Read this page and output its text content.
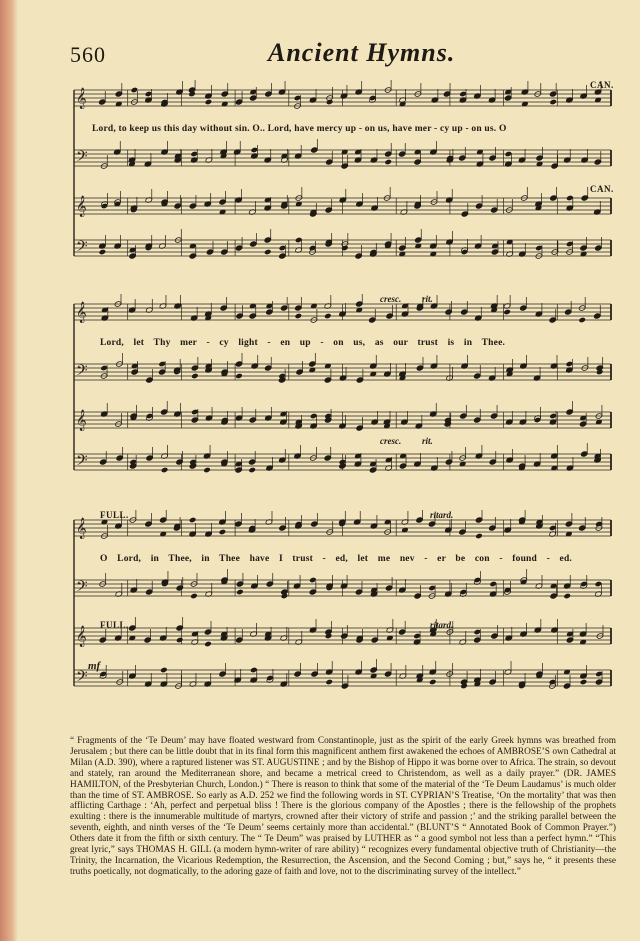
560	Ancient Hymns.
𝄞
𝄢
𝄞
𝄢
CAN.
CAN.
Lord, to keep us this day without sin. O.. Lord, have mercy up - on us, have mer - cy up - on us. O
𝄞
𝄢
𝄞
𝄢
cresc. rit.
cresc. rit.
Lord, let Thy mer - cy light - en up - on us, as our trust is in Thee.
𝄞
𝄢
𝄞
𝄢
FULL.	ritard.
FULL.	ritard.
mf
O Lord, in Thee, in Thee have I trust - ed, let me nev - er be con - found - ed.
“ Fragments of the ‘Te Deum’ may have floated westward from Constantinople, just as the spirit of the early Greek hymns was breathed from Jerusalem ; but there can be little doubt that in its final form this magnificent anthem first awakened the echoes of AMBROSE’S own Cathedral at Milan (A.D. 390), where a raptured listener was ST. AUGUSTINE ; and by the Bishop of Hippo it was borne over to Africa. The strain, so devout and stately, ran around the Mediterranean shore, and became a metrical creed to Christendom, as well as a daily prayer.” (DR. JAMES HAMILTON, of the Presbyterian Church, London.) “ There is reason to think that some of the material of the ‘Te Deum Laudamus’ is much older than the time of ST. AMBROSE. So early as A.D. 252 we find the following words in ST. CYPRIAN’S Treatise, ‘On the mortality’ that was then afflicting Carthage : ‘Ah, perfect and perpetual bliss ! There is the glorious company of the Apostles ; there is the fellowship of the prophets exulting : there is the innumerable multitude of martyrs, crowned after their victory of strife and passion ;’ and the striking parallel between the seventh, eighth, and ninth verses of the ‘Te Deum’ seems certainly more than accidental.” (BLUNT’S “ Annotated Book of Common Prayer.”) Others date it from the fifth or sixth century. The “ Te Deum” was praised by LUTHER as “ a good symbol not less than a perfect hymn.” “This great lyric,” says THOMAS H. GILL (a modern hymn-writer of rare ability) “ recognizes every fundamental objective truth of Christianity—the Trinity, the Incarnation, the Vicarious Redemption, the Resurrection, the Ascension, and the Second Coming ; but,” says he, “ it presents these truths poetically, not dogmatically, to the adoring gaze of faith and love, not to the discriminating survey of the intellect.”
